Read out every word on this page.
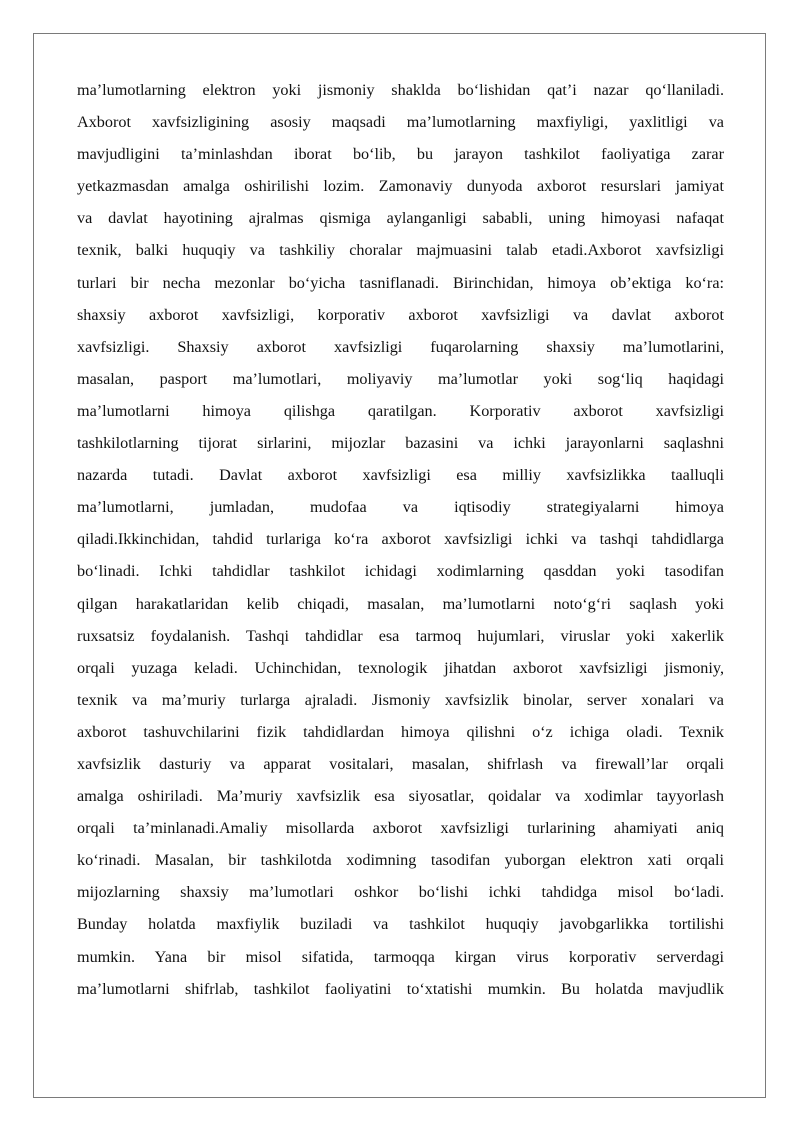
ma’lumotlarning elektron yoki jismoniy shaklda bo‘lishidan qat’i nazar qo‘llaniladi.
Axborot xavfsizligining asosiy maqsadi ma’lumotlarning maxfiyligi, yaxlitligi va
mavjudligini ta’minlashdan iborat bo‘lib, bu jarayon tashkilot faoliyatiga zarar
yetkazmasdan amalga oshirilishi lozim. Zamonaviy dunyoda axborot resurslari jamiyat
va davlat hayotining ajralmas qismiga aylanganligi sababli, uning himoyasi nafaqat
texnik, balki huquqiy va tashkiliy choralar majmuasini talab etadi.Axborot xavfsizligi
turlari bir necha mezonlar bo‘yicha tasniflanadi. Birinchidan, himoya ob’ektiga ko‘ra:
shaxsiy axborot xavfsizligi, korporativ axborot xavfsizligi va davlat axborot
xavfsizligi. Shaxsiy axborot xavfsizligi fuqarolarning shaxsiy ma’lumotlarini,
masalan, pasport ma’lumotlari, moliyaviy ma’lumotlar yoki sog‘liq haqidagi
ma’lumotlarni himoya qilishga qaratilgan. Korporativ axborot xavfsizligi
tashkilotlarning tijorat sirlarini, mijozlar bazasini va ichki jarayonlarni saqlashni
nazarda tutadi. Davlat axborot xavfsizligi esa milliy xavfsizlikka taalluqli
ma’lumotlarni, jumladan, mudofaa va iqtisodiy strategiyalarni himoya
qiladi.Ikkinchidan, tahdid turlariga ko‘ra axborot xavfsizligi ichki va tashqi tahdidlarga
bo‘linadi. Ichki tahdidlar tashkilot ichidagi xodimlarning qasddan yoki tasodifan
qilgan harakatlaridan kelib chiqadi, masalan, ma’lumotlarni noto‘g‘ri saqlash yoki
ruxsatsiz foydalanish. Tashqi tahdidlar esa tarmoq hujumlari, viruslar yoki xakerlik
orqali yuzaga keladi. Uchinchidan, texnologik jihatdan axborot xavfsizligi jismoniy,
texnik va ma’muriy turlarga ajraladi. Jismoniy xavfsizlik binolar, server xonalari va
axborot tashuvchilarini fizik tahdidlardan himoya qilishni o‘z ichiga oladi. Texnik
xavfsizlik dasturiy va apparat vositalari, masalan, shifrlash va firewall’lar orqali
amalga oshiriladi. Ma’muriy xavfsizlik esa siyosatlar, qoidalar va xodimlar tayyorlash
orqali ta’minlanadi.Amaliy misollarda axborot xavfsizligi turlarining ahamiyati aniq
ko‘rinadi. Masalan, bir tashkilotda xodimning tasodifan yuborgan elektron xati orqali
mijozlarning shaxsiy ma’lumotlari oshkor bo‘lishi ichki tahdidga misol bo‘ladi.
Bunday holatda maxfiylik buziladi va tashkilot huquqiy javobgarlikka tortilishi
mumkin. Yana bir misol sifatida, tarmoqqa kirgan virus korporativ serverdagi
ma’lumotlarni shifrlab, tashkilot faoliyatini to‘xtatishi mumkin. Bu holatda mavjudlik
